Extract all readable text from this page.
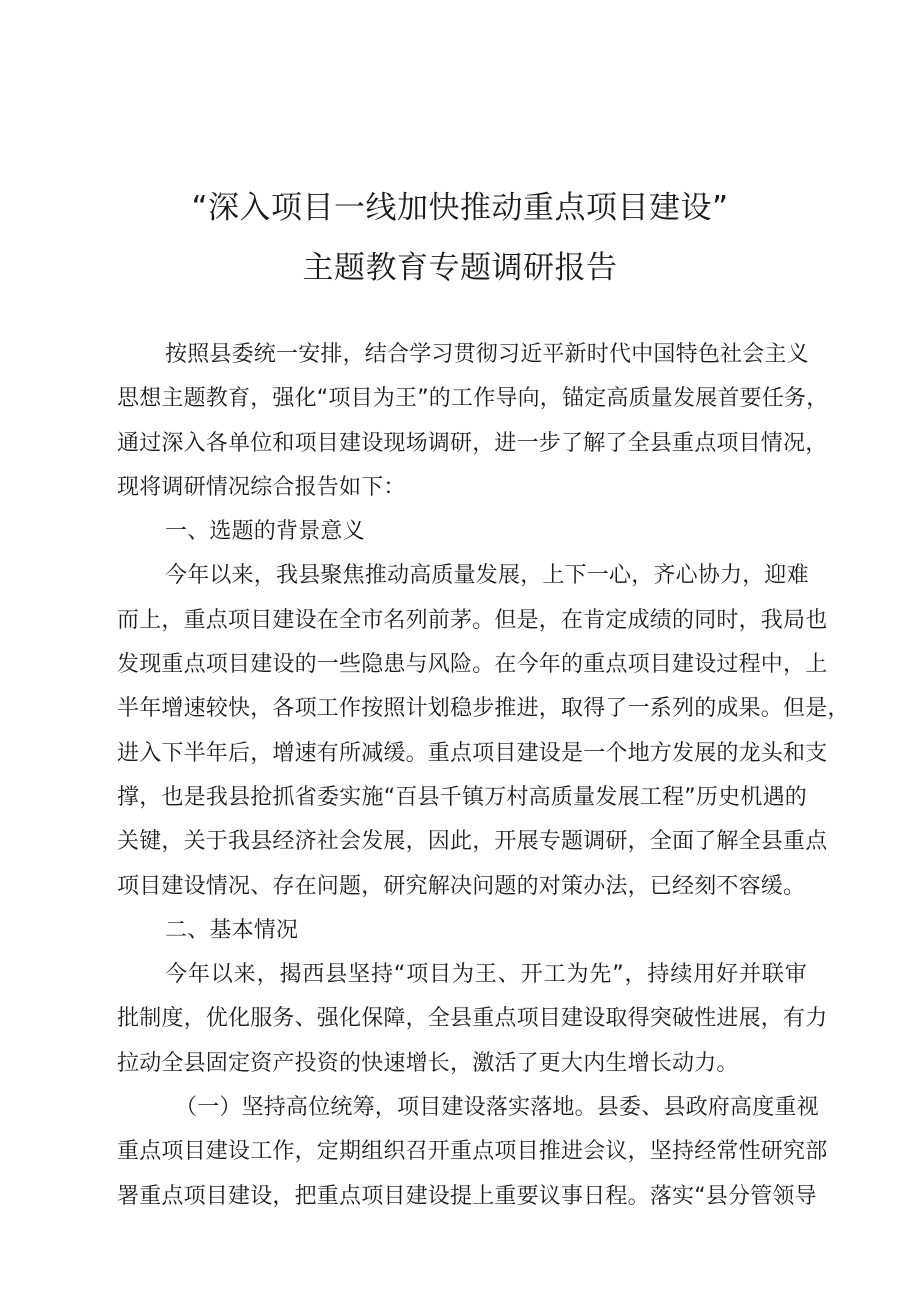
“深入项目一线加快推动重点项目建设”
主题教育专题调研报告
按照县委统一安排，结合学习贯彻习近平新时代中国特色社会主义
思想主题教育，强化“项目为王”的工作导向，锚定高质量发展首要任务，
通过深入各单位和项目建设现场调研，进一步了解了全县重点项目情况，
现将调研情况综合报告如下：
一、选题的背景意义
今年以来，我县聚焦推动高质量发展，上下一心，齐心协力，迎难
而上，重点项目建设在全市名列前茅。但是，在肯定成绩的同时，我局也
发现重点项目建设的一些隐患与风险。在今年的重点项目建设过程中，上
半年增速较快，各项工作按照计划稳步推进，取得了一系列的成果。但是，
进入下半年后，增速有所减缓。重点项目建设是一个地方发展的龙头和支
撑，也是我县抢抓省委实施“百县千镇万村高质量发展工程”历史机遇的
关键，关于我县经济社会发展，因此，开展专题调研，全面了解全县重点
项目建设情况、存在问题，研究解决问题的对策办法，已经刻不容缓。
二、基本情况
今年以来，揭西县坚持“项目为王、开工为先”，持续用好并联审
批制度，优化服务、强化保障，全县重点项目建设取得突破性进展，有力
拉动全县固定资产投资的快速增长，激活了更大内生增长动力。
（一）坚持高位统筹，项目建设落实落地。县委、县政府高度重视
重点项目建设工作，定期组织召开重点项目推进会议，坚持经常性研究部
署重点项目建设，把重点项目建设提上重要议事日程。落实“县分管领导
